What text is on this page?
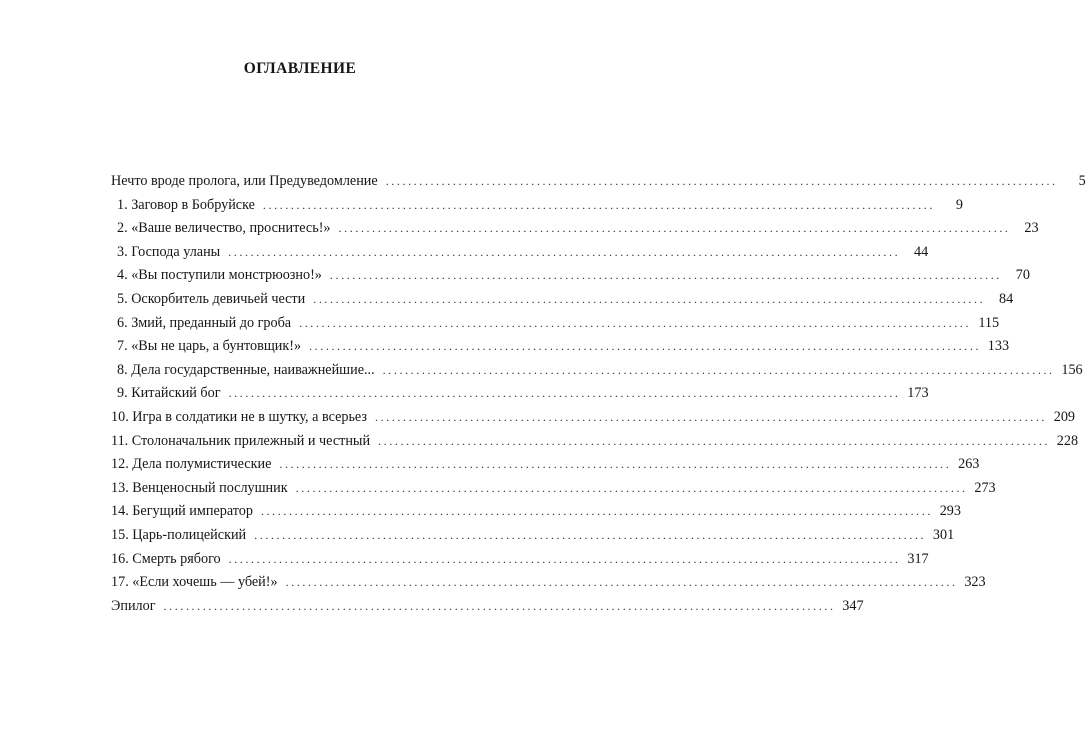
ОГЛАВЛЕНИЕ
Нечто вроде пролога, или Предуведомление ........................................................................................................................	5
1. Заговор в Бобруйске ........................................................................................................................	9
2. «Ваше величество, проснитесь!» ........................................................................................................................ 23
3. Господа уланы ........................................................................................................................ 44
4. «Вы поступили монстрюозно!» ........................................................................................................................ 70
5. Оскорбитель девичьей чести ........................................................................................................................ 84
6. Змий, преданный до гроба ........................................................................................................................ 115
7. «Вы не царь, а бунтовщик!» ........................................................................................................................ 133
8. Дела государственные, наиважнейшие... ........................................................................................................................ 156
9. Китайский бог ........................................................................................................................ 173
10. Игра в солдатики не в шутку, а всерьез ........................................................................................................................ 209
11. Столоначальник прилежный и честный ........................................................................................................................ 228
12. Дела полумистические ........................................................................................................................ 263
13. Венценосный послушник ........................................................................................................................ 273
14. Бегущий император ........................................................................................................................ 293
15. Царь-полицейский ........................................................................................................................ 301
16. Смерть рябого ........................................................................................................................ 317
17. «Если хочешь — убей!» ........................................................................................................................ 323
Эпилог ........................................................................................................................ 347
